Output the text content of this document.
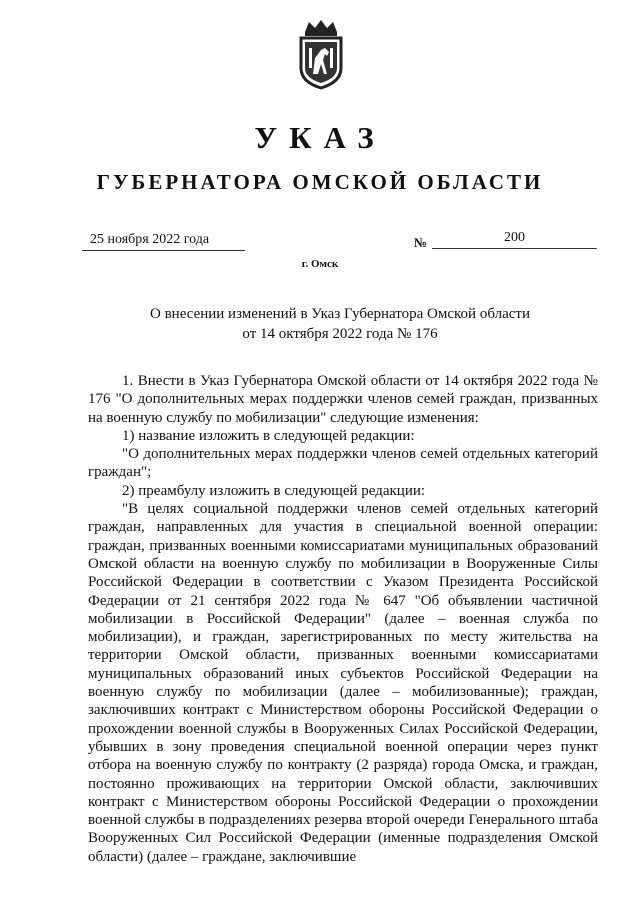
УКАЗ
ГУБЕРНАТОРА ОМСКОЙ ОБЛАСТИ
25 ноября 2022 года	№	200
г. Омск
О внесении изменений в Указ Губернатора Омской области
от 14 октября 2022 года № 176

1. Внести в Указ Губернатора Омской области от 14 октября 2022 года № 176 "О дополнительных мерах поддержки членов семей граждан, призванных на военную службу по мобилизации" следующие изменения:

1) название изложить в следующей редакции:

"О дополнительных мерах поддержки членов семей отдельных категорий граждан";

2) преамбулу изложить в следующей редакции:

"В целях социальной поддержки членов семей отдельных категорий граждан, направленных для участия в специальной военной операции: граждан, призванных военными комиссариатами муниципальных образований Омской области на военную службу по мобилизации в Вооруженные Силы Российской Федерации в соответствии с Указом Президента Российской Федерации от 21 сентября 2022 года № 647 "Об объявлении частичной мобилизации в Российской Федерации" (далее – военная служба по мобилизации), и граждан, зарегистрированных по месту жительства на территории Омской области, призванных военными комиссариатами муниципальных образований иных субъектов Российской Федерации на военную службу по мобилизации (далее – мобилизованные); граждан, заключивших контракт с Министерством обороны Российской Федерации о прохождении военной службы в Вооруженных Силах Российской Федерации, убывших в зону проведения специальной военной операции через пункт отбора на военную службу по контракту (2 разряда) города Омска, и граждан, постоянно проживающих на территории Омской области, заключивших контракт с Министерством обороны Российской Федерации о прохождении военной службы в подразделениях резерва второй очереди Генерального штаба Вооруженных Сил Российской Федерации (именные подразделения Омской области) (далее – граждане, заключившие
